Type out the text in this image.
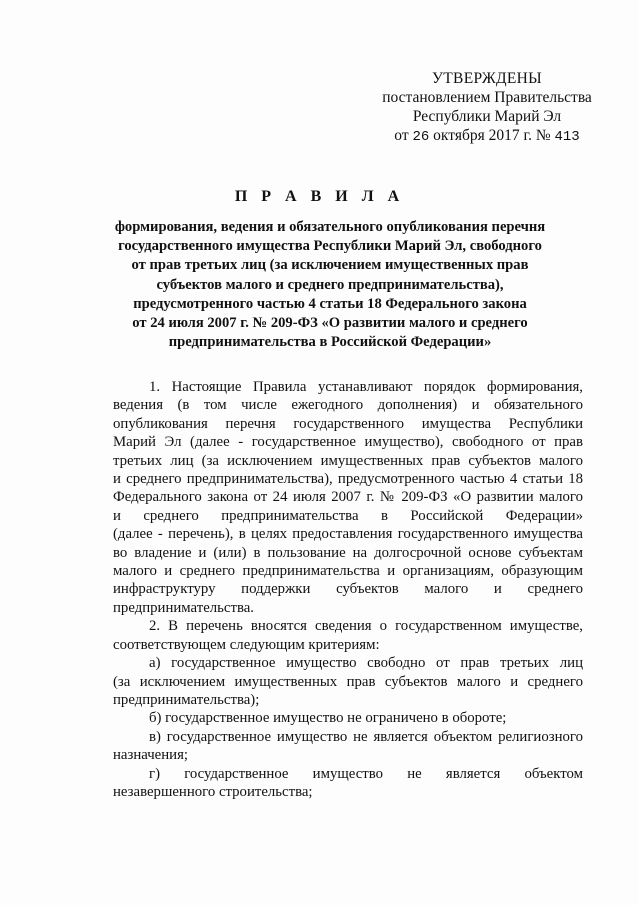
УТВЕРЖДЕНЫ
постановлением Правительства
Республики Марий Эл
от 26 октября 2017 г. № 413
П Р А В И Л А
формирования, ведения и обязательного опубликования перечня
государственного имущества Республики Марий Эл, свободного
от прав третьих лиц (за исключением имущественных прав
субъектов малого и среднего предпринимательства),
предусмотренного частью 4 статьи 18 Федерального закона
от 24 июля 2007 г. № 209-ФЗ «О развитии малого и среднего
предпринимательства в Российской Федерации»
1. Настоящие Правила устанавливают порядок формирования,
ведения (в том числе ежегодного дополнения) и обязательного
опубликования перечня государственного имущества Республики
Марий Эл (далее - государственное имущество), свободного от прав
третьих лиц (за исключением имущественных прав субъектов малого
и среднего предпринимательства), предусмотренного частью 4 статьи 18
Федерального закона от 24 июля 2007 г. № 209-ФЗ «О развитии малого
и среднего предпринимательства в Российской Федерации»
(далее - перечень), в целях предоставления государственного имущества
во владение и (или) в пользование на долгосрочной основе субъектам
малого и среднего предпринимательства и организациям, образующим
инфраструктуру поддержки субъектов малого и среднего
предпринимательства.
2. В перечень вносятся сведения о государственном имуществе,
соответствующем следующим критериям:
а) государственное имущество свободно от прав третьих лиц
(за исключением имущественных прав субъектов малого и среднего
предпринимательства);
б) государственное имущество не ограничено в обороте;
в) государственное имущество не является объектом религиозного
назначения;
г) государственное имущество не является объектом
незавершенного строительства;
